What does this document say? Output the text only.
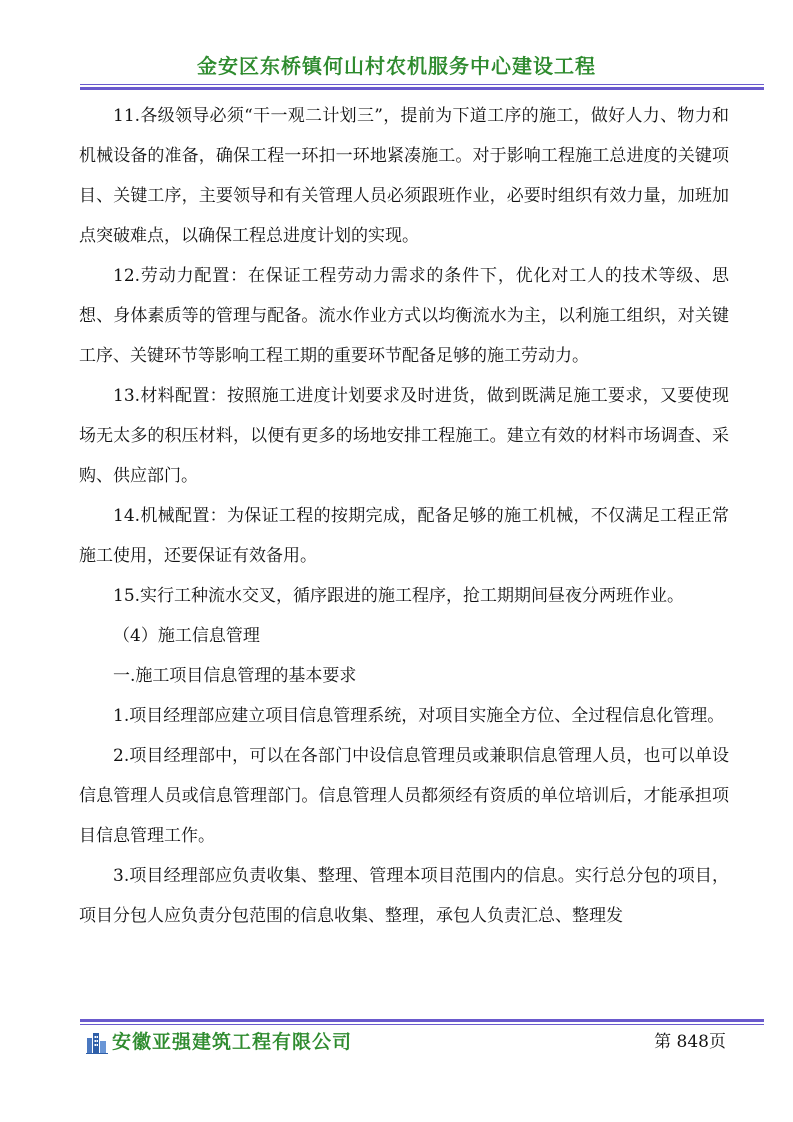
金安区东桥镇何山村农机服务中心建设工程

11.各级领导必须“干一观二计划三”，提前为下道工序的施工，做好人力、物力和机械设备的准备，确保工程一环扣一环地紧凑施工。对于影响工程施工总进度的关键项目、关键工序，主要领导和有关管理人员必须跟班作业，必要时组织有效力量，加班加点突破难点，以确保工程总进度计划的实现。

12.劳动力配置：在保证工程劳动力需求的条件下，优化对工人的技术等级、思想、身体素质等的管理与配备。流水作业方式以均衡流水为主，以利施工组织，对关键工序、关键环节等影响工程工期的重要环节配备足够的施工劳动力。

13.材料配置：按照施工进度计划要求及时进货，做到既满足施工要求，又要使现场无太多的积压材料，以便有更多的场地安排工程施工。建立有效的材料市场调查、采购、供应部门。

14.机械配置：为保证工程的按期完成，配备足够的施工机械，不仅满足工程正常施工使用，还要保证有效备用。

15.实行工种流水交叉，循序跟进的施工程序，抢工期期间昼夜分两班作业。

（4）施工信息管理

一.施工项目信息管理的基本要求

1.项目经理部应建立项目信息管理系统，对项目实施全方位、全过程信息化管理。

2.项目经理部中，可以在各部门中设信息管理员或兼职信息管理人员，也可以单设信息管理人员或信息管理部门。信息管理人员都须经有资质的单位培训后，才能承担项目信息管理工作。

3.项目经理部应负责收集、整理、管理本项目范围内的信息。实行总分包的项目，项目分包人应负责分包范围的信息收集、整理，承包人负责汇总、整理发

安徽亚强建筑工程有限公司	第 848页
